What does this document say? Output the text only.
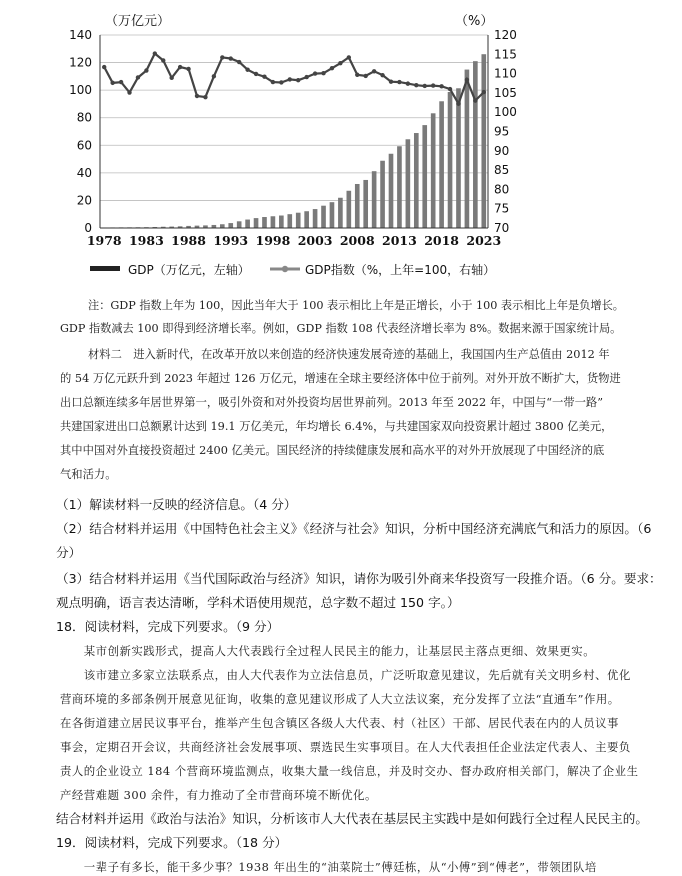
0
20
40
60
80
100
120
140
70
75
80
85
90
95
100
105
110
115
120
1978 1983 1988 1993 1998 2003 2008 2013 2018 2023
（万亿元）	（%）
GDP（万亿元，左轴）	GDP指数（%，上年=100，右轴）
注：GDP 指数上年为 100，因此当年大于 100 表示相比上年是正增长，小于 100 表示相比上年是负增长。
GDP 指数减去 100 即得到经济增长率。例如，GDP 指数 108 代表经济增长率为 8%。数据来源于国家统计局。
材料二　进入新时代，在改革开放以来创造的经济快速发展奇迹的基础上，我国国内生产总值由 2012 年
的 54 万亿元跃升到 2023 年超过 126 万亿元，增速在全球主要经济体中位于前列。对外开放不断扩大，货物进
出口总额连续多年居世界第一，吸引外资和对外投资均居世界前列。2013 年至 2022 年，中国与“一带一路”
共建国家进出口总额累计达到 19.1 万亿美元，年均增长 6.4%，与共建国家双向投资累计超过 3800 亿美元，
其中中国对外直接投资超过 2400 亿美元。国民经济的持续健康发展和高水平的对外开放展现了中国经济的底
气和活力。
（1）解读材料一反映的经济信息。（4 分）
（2）结合材料并运用《中国特色社会主义》《经济与社会》知识，分析中国经济充满底气和活力的原因。（6
分）
（3）结合材料并运用《当代国际政治与经济》知识，请你为吸引外商来华投资写一段推介语。（6 分。要求：
观点明确，语言表达清晰，学科术语使用规范，总字数不超过 150 字。）
18．阅读材料，完成下列要求。（9 分）
　　某市创新实践形式，提高人大代表践行全过程人民民主的能力，让基层民主落点更细、效果更实。
　　该市建立多家立法联系点，由人大代表作为立法信息员，广泛听取意见建议，先后就有关文明乡村、优化
营商环境的多部条例开展意见征询，收集的意见建议形成了人大立法议案，充分发挥了立法“直通车”作用。
在各街道建立居民议事平台，推举产生包含镇区各级人大代表、村（社区）干部、居民代表在内的人员议事
事会，定期召开会议，共商经济社会发展事项、票选民生实事项目。在人大代表担任企业法定代表人、主要负
责人的企业设立 184 个营商环境监测点，收集大量一线信息，并及时交办、督办政府相关部门，解决了企业生
产经营难题 300 余件，有力推动了全市营商环境不断优化。
结合材料并运用《政治与法治》知识，分析该市人大代表在基层民主实践中是如何践行全过程人民民主的。
19．阅读材料，完成下列要求。（18 分）
　　一辈子有多长，能干多少事？1938 年出生的“油菜院士”傅廷栋，从“小傅”到“傅老”，带领团队培
